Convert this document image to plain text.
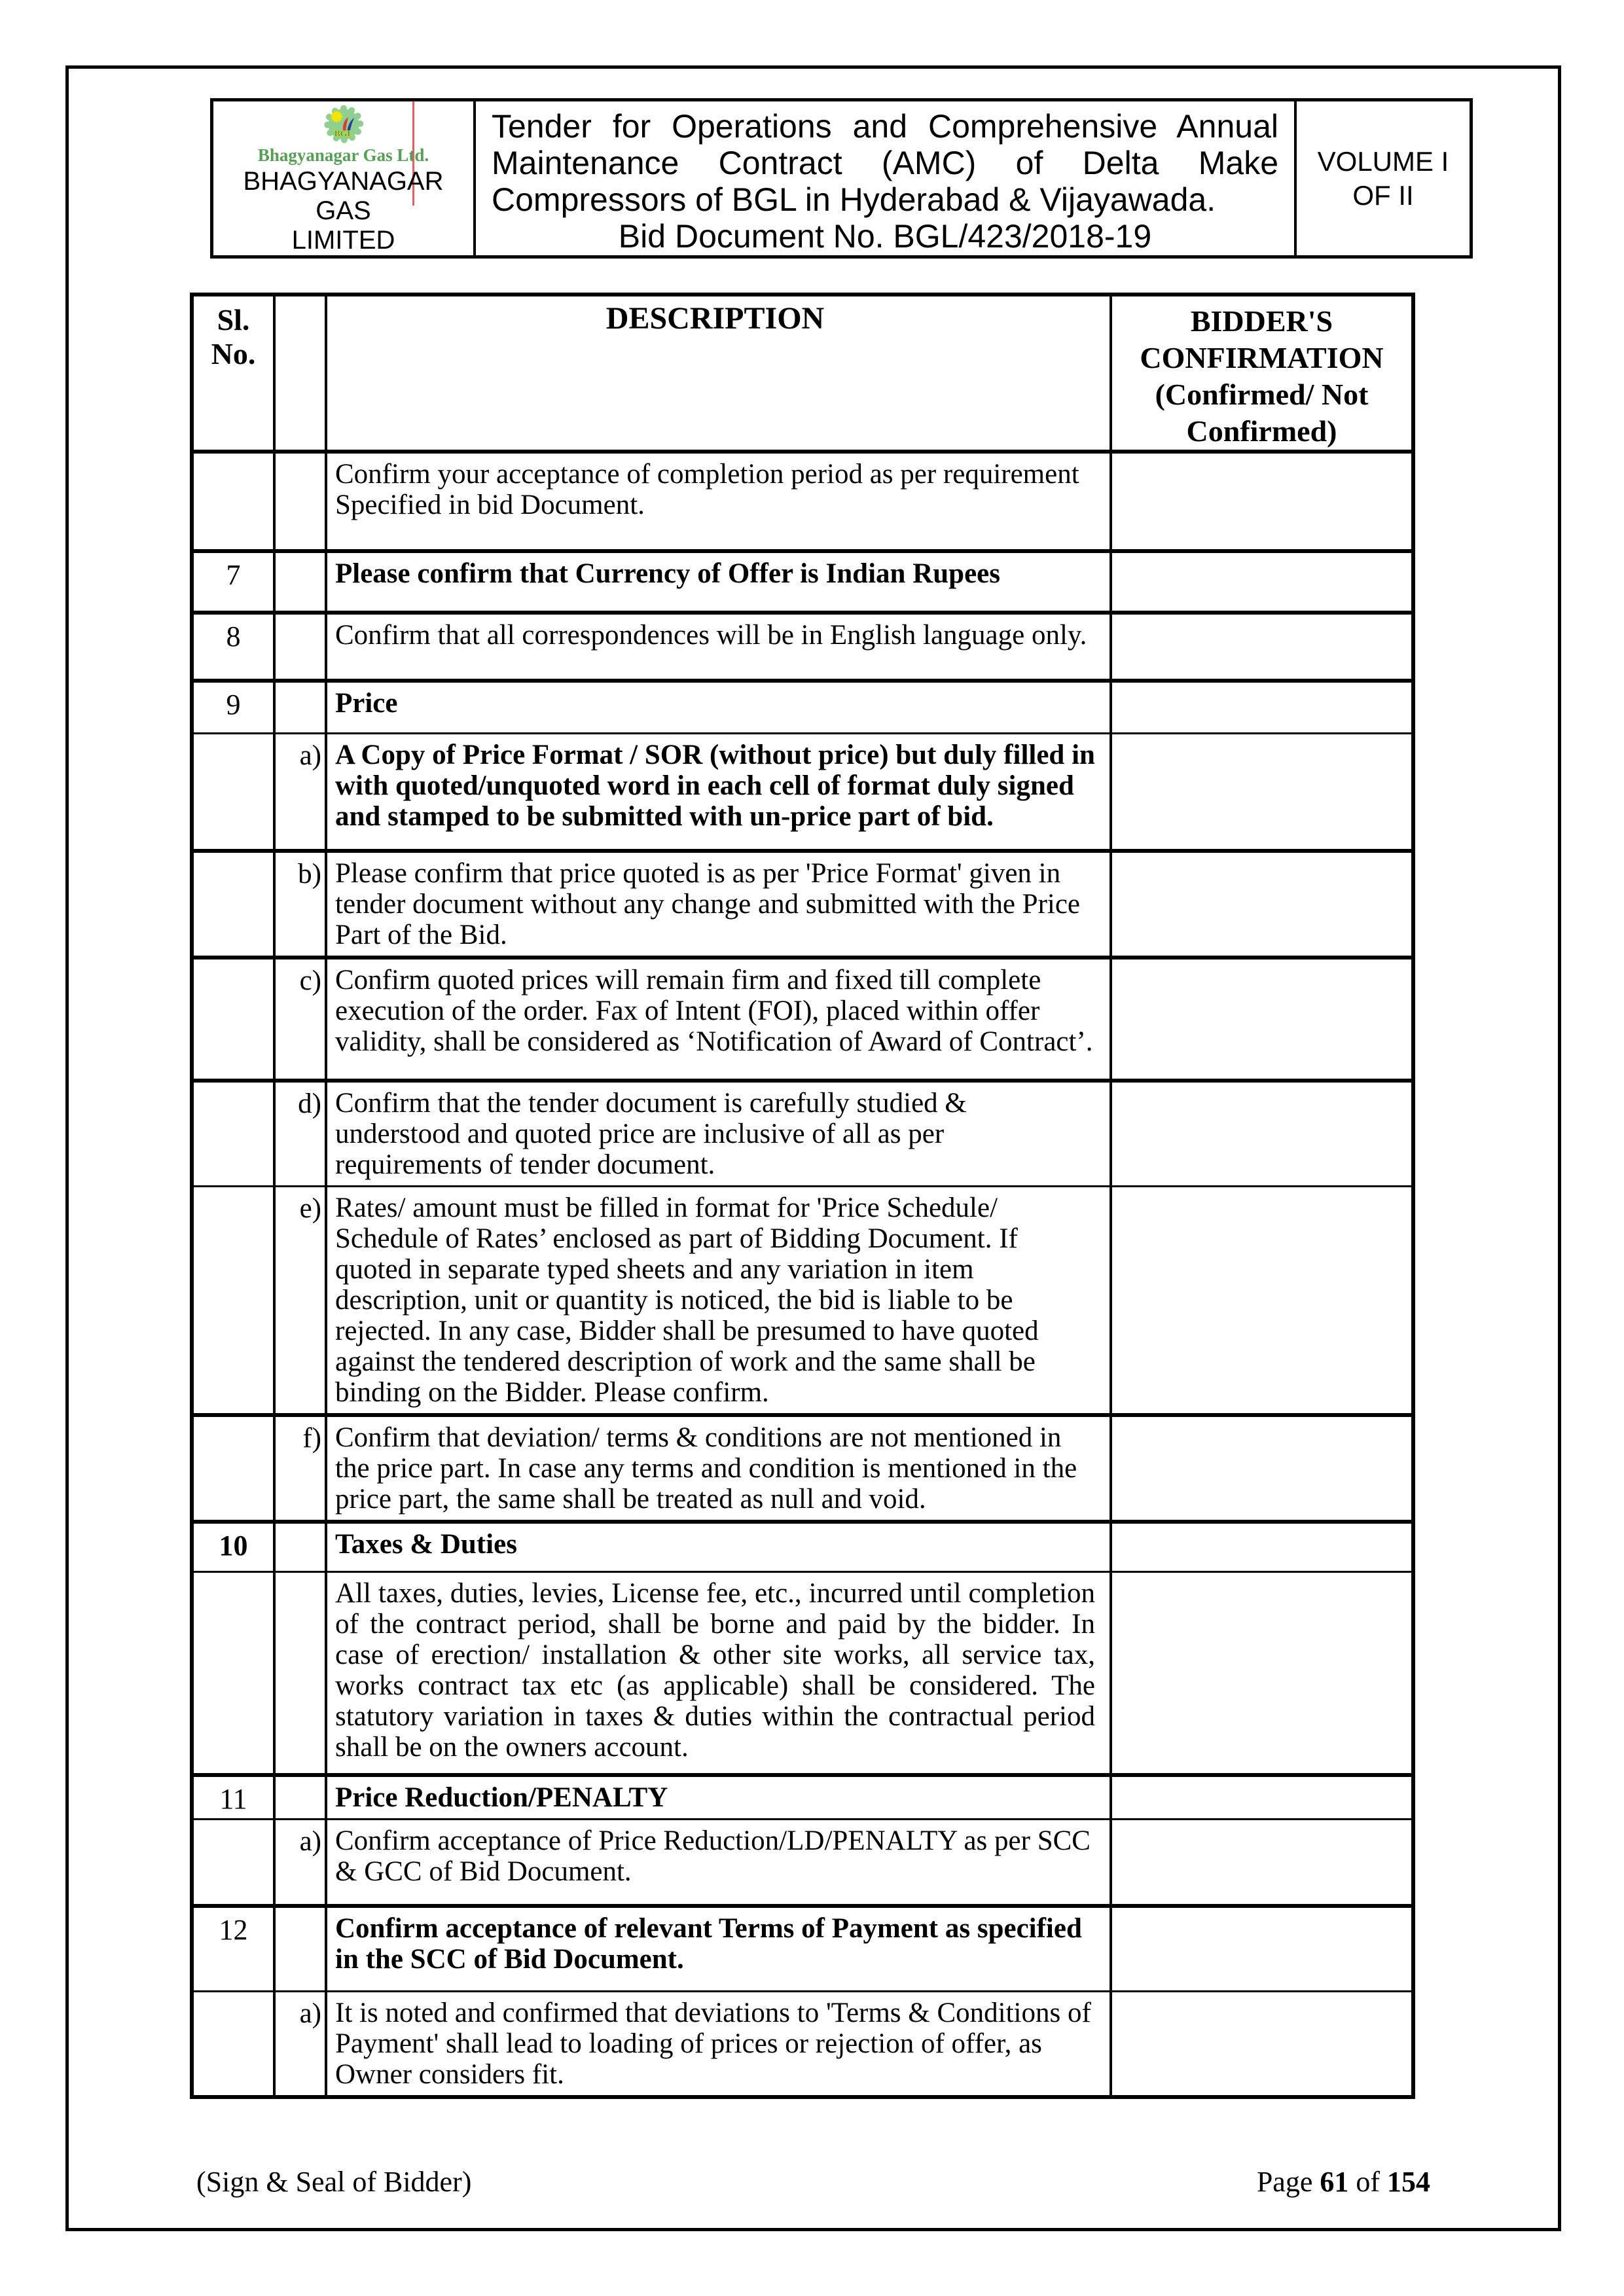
BGL
Bhagyanagar Gas Ltd.
BHAGYANAGAR GAS
LIMITED
Tender for Operations and Comprehensive Annual
Maintenance Contract (AMC) of Delta Make
Compressors of BGL in Hyderabad & Vijayawada.
Bid Document No. BGL/423/2018-19
VOLUME I
OF II
Sl.
No.
DESCRIPTION	BIDDER'S CONFIRMATION (Confirmed/ Not Confirmed)
Confirm your acceptance of completion period as per requirement Specified in bid Document.
7	Please confirm that Currency of Offer is Indian Rupees
8	Confirm that all correspondences will be in English language only.
9	Price
a) A Copy of Price Format / SOR (without price) but duly filled in with quoted/unquoted word in each cell of format duly signed and stamped to be submitted with un-price part of bid.
b) Please confirm that price quoted is as per 'Price Format' given in tender document without any change and submitted with the Price Part of the Bid.
c) Confirm quoted prices will remain firm and fixed till complete execution of the order. Fax of Intent (FOI), placed within offer validity, shall be considered as ‘Notification of Award of Contract’.
d) Confirm that the tender document is carefully studied & understood and quoted price are inclusive of all as per requirements of tender document.
e) Rates/ amount must be filled in format for 'Price Schedule/ Schedule of Rates’ enclosed as part of Bidding Document. If quoted in separate typed sheets and any variation in item description, unit or quantity is noticed, the bid is liable to be rejected. In any case, Bidder shall be presumed to have quoted against the tendered description of work and the same shall be binding on the Bidder. Please confirm.
f) Confirm that deviation/ terms & conditions are not mentioned in the price part. In case any terms and condition is mentioned in the price part, the same shall be treated as null and void.
10	Taxes & Duties
All taxes, duties, levies, License fee, etc., incurred until completion of the contract period, shall be borne and paid by the bidder. In case of erection/ installation & other site works, all service tax, works contract tax etc (as applicable) shall be considered. The statutory variation in taxes & duties within the contractual period shall be on the owners account.
11	Price Reduction/PENALTY
a) Confirm acceptance of Price Reduction/LD/PENALTY as per SCC & GCC of Bid Document.
12	Confirm acceptance of relevant Terms of Payment as specified in the SCC of Bid Document.
a) It is noted and confirmed that deviations to 'Terms & Conditions of Payment' shall lead to loading of prices or rejection of offer, as Owner considers fit.
(Sign & Seal of Bidder)	Page 61 of 154
